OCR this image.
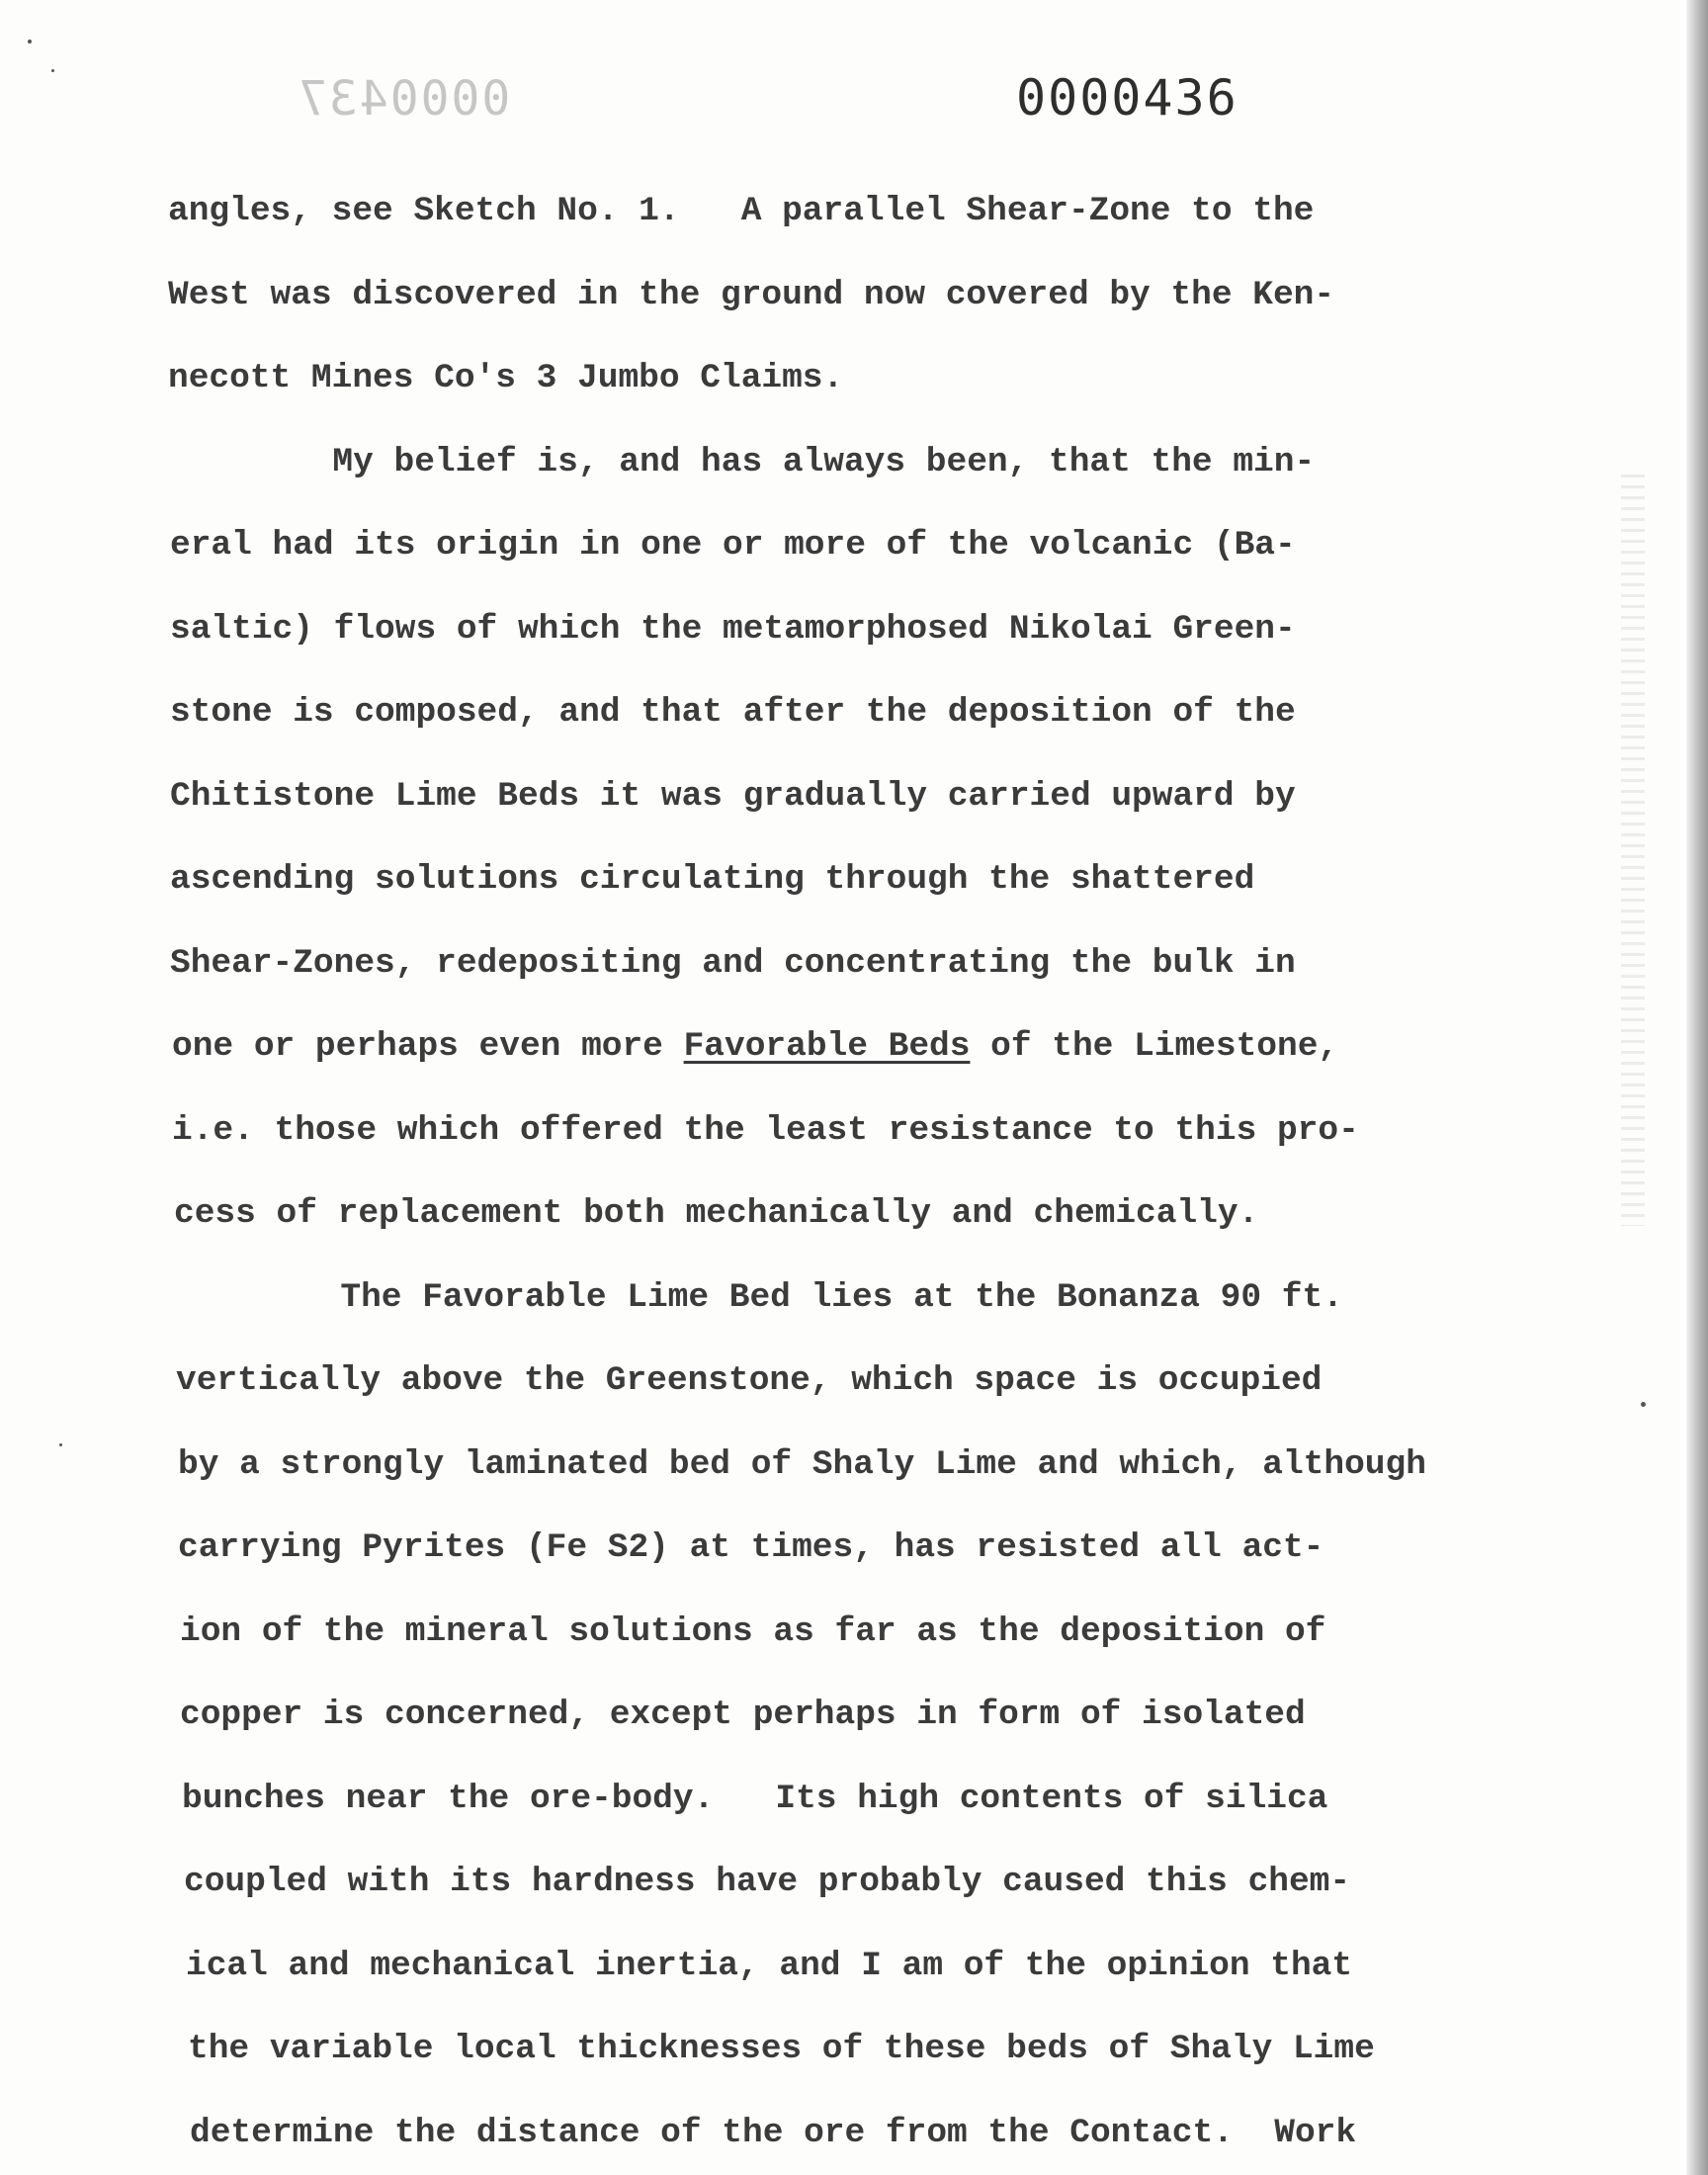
0000437	0000436
angles, see Sketch No. 1.   A parallel Shear-Zone to the
West was discovered in the ground now covered by the Ken-
necott Mines Co's 3 Jumbo Claims.
My belief is, and has always been, that the min-
eral had its origin in one or more of the volcanic (Ba-
saltic) flows of which the metamorphosed Nikolai Green-
stone is composed, and that after the deposition of the
Chitistone Lime Beds it was gradually carried upward by
ascending solutions circulating through the shattered
Shear-Zones, redepositing and concentrating the bulk in
one or perhaps even more Favorable Beds of the Limestone,
i.e. those which offered the least resistance to this pro-
cess of replacement both mechanically and chemically.
The Favorable Lime Bed lies at the Bonanza 90 ft.
vertically above the Greenstone, which space is occupied
by a strongly laminated bed of Shaly Lime and which, although
carrying Pyrites (Fe S2) at times, has resisted all act-
ion of the mineral solutions as far as the deposition of
copper is concerned, except perhaps in form of isolated
bunches near the ore-body.   Its high contents of silica
coupled with its hardness have probably caused this chem-
ical and mechanical inertia, and I am of the opinion that
the variable local thicknesses of these beds of Shaly Lime
determine the distance of the ore from the Contact.  Work
